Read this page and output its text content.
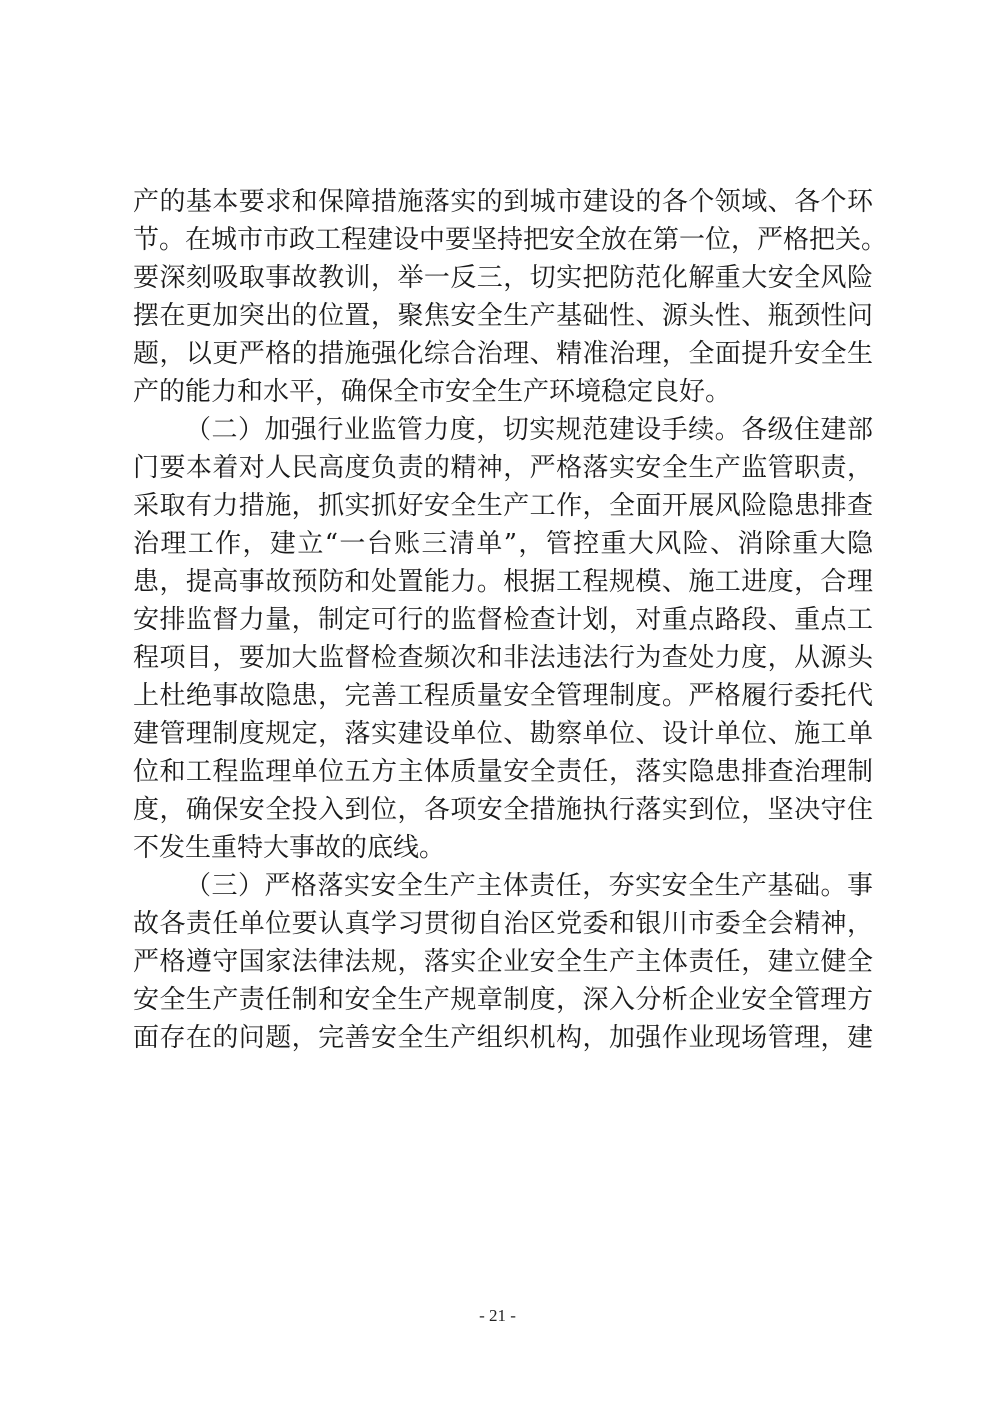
产的基本要求和保障措施落实的到城市建设的各个领域、各个环
节。在城市市政工程建设中要坚持把安全放在第一位，严格把关。
要深刻吸取事故教训，举一反三，切实把防范化解重大安全风险
摆在更加突出的位置，聚焦安全生产基础性、源头性、瓶颈性问
题，以更严格的措施强化综合治理、精准治理，全面提升安全生
产的能力和水平，确保全市安全生产环境稳定良好。
（二）加强行业监管力度，切实规范建设手续。各级住建部
门要本着对人民高度负责的精神，严格落实安全生产监管职责，
采取有力措施，抓实抓好安全生产工作，全面开展风险隐患排查
治理工作，建立“一台账三清单”，管控重大风险、消除重大隐
患，提高事故预防和处置能力。根据工程规模、施工进度，合理
安排监督力量，制定可行的监督检查计划，对重点路段、重点工
程项目，要加大监督检查频次和非法违法行为查处力度，从源头
上杜绝事故隐患，完善工程质量安全管理制度。严格履行委托代
建管理制度规定，落实建设单位、勘察单位、设计单位、施工单
位和工程监理单位五方主体质量安全责任，落实隐患排查治理制
度，确保安全投入到位，各项安全措施执行落实到位，坚决守住
不发生重特大事故的底线。
（三）严格落实安全生产主体责任，夯实安全生产基础。事
故各责任单位要认真学习贯彻自治区党委和银川市委全会精神，
严格遵守国家法律法规，落实企业安全生产主体责任，建立健全
安全生产责任制和安全生产规章制度，深入分析企业安全管理方
面存在的问题，完善安全生产组织机构，加强作业现场管理，建
- 21 -
